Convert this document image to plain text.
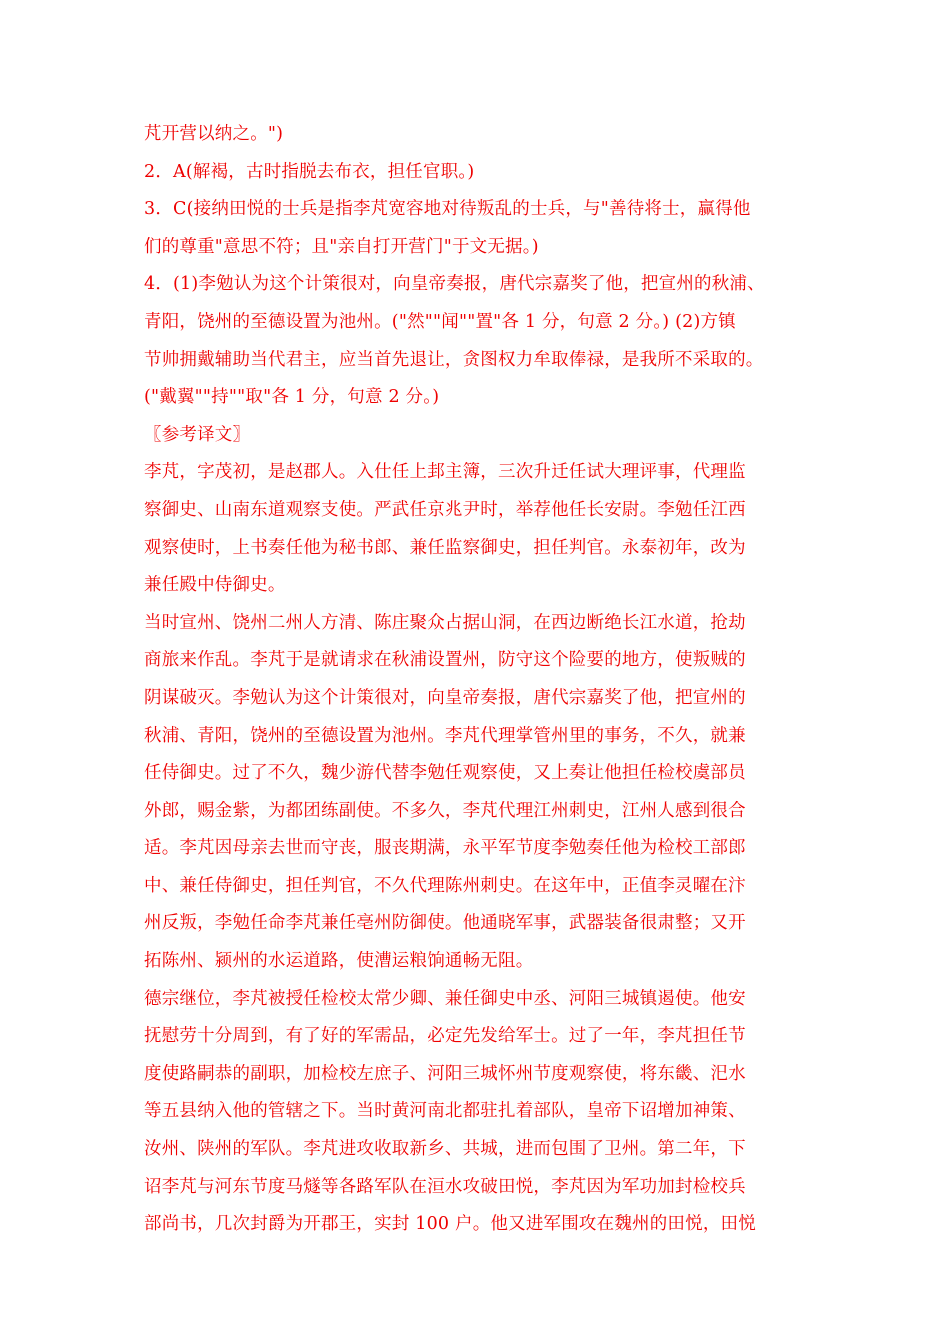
芃开营以纳之。")
2．A(解褐，古时指脱去布衣，担任官职。)
3．C(接纳田悦的士兵是指李芃宽容地对待叛乱的士兵，与"善待将士，赢得他
们的尊重"意思不符；且"亲自打开营门"于文无据。)
4．(1)李勉认为这个计策很对，向皇帝奏报，唐代宗嘉奖了他，把宣州的秋浦、
青阳，饶州的至德设置为池州。("然""闻""置"各 1 分，句意 2 分。) (2)方镇
节帅拥戴辅助当代君主，应当首先退让，贪图权力牟取俸禄，是我所不采取的。
("戴翼""持""取"各 1 分，句意 2 分。)
〖参考译文〗
李芃，字茂初，是赵郡人。入仕任上邽主簿，三次升迁任试大理评事，代理监
察御史、山南东道观察支使。严武任京兆尹时，举荐他任长安尉。李勉任江西
观察使时，上书奏任他为秘书郎、兼任监察御史，担任判官。永泰初年，改为
兼任殿中侍御史。
当时宣州、饶州二州人方清、陈庄聚众占据山洞，在西边断绝长江水道，抢劫
商旅来作乱。李芃于是就请求在秋浦设置州，防守这个险要的地方，使叛贼的
阴谋破灭。李勉认为这个计策很对，向皇帝奏报，唐代宗嘉奖了他，把宣州的
秋浦、青阳，饶州的至德设置为池州。李芃代理掌管州里的事务，不久，就兼
任侍御史。过了不久，魏少游代替李勉任观察使，又上奏让他担任检校虞部员
外郎，赐金紫，为都团练副使。不多久，李芃代理江州刺史，江州人感到很合
适。李芃因母亲去世而守丧，服丧期满，永平军节度李勉奏任他为检校工部郎
中、兼任侍御史，担任判官，不久代理陈州刺史。在这年中，正值李灵曜在汴
州反叛，李勉任命李芃兼任亳州防御使。他通晓军事，武器装备很肃整；又开
拓陈州、颍州的水运道路，使漕运粮饷通畅无阻。
德宗继位，李芃被授任检校太常少卿、兼任御史中丞、河阳三城镇遏使。他安
抚慰劳十分周到，有了好的军需品，必定先发给军士。过了一年，李芃担任节
度使路嗣恭的副职，加检校左庶子、河阳三城怀州节度观察使，将东畿、汜水
等五县纳入他的管辖之下。当时黄河南北都驻扎着部队，皇帝下诏增加神策、
汝州、陕州的军队。李芃进攻收取新乡、共城，进而包围了卫州。第二年，下
诏李芃与河东节度马燧等各路军队在洹水攻破田悦，李芃因为军功加封检校兵
部尚书，几次封爵为开郡王，实封 100 户。他又进军围攻在魏州的田悦，田悦
